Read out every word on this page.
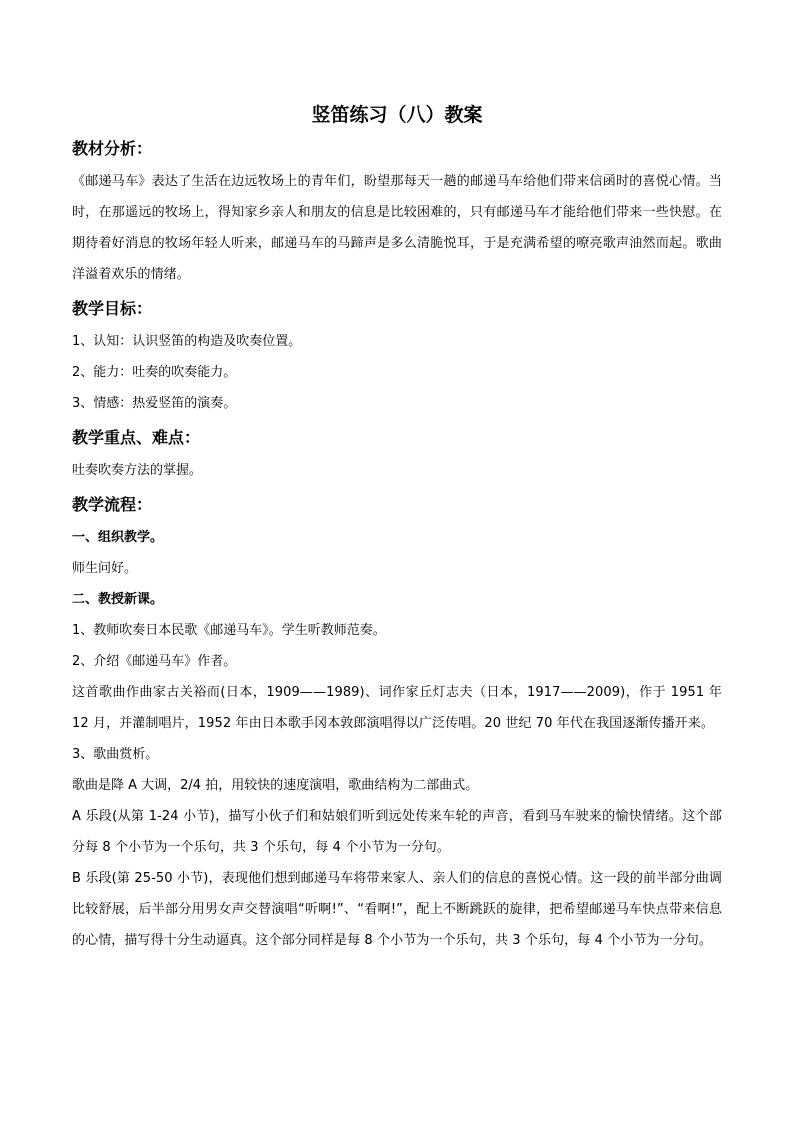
竖笛练习（八）教案
教材分析：

《邮递马车》表达了生活在边远牧场上的青年们，盼望那每天一趟的邮递马车给他们带来信函时的喜悦心情。当时，在那遥远的牧场上，得知家乡亲人和朋友的信息是比较困难的，只有邮递马车才能给他们带来一些快慰。在期待着好消息的牧场年轻人听来，邮递马车的马蹄声是多么清脆悦耳，于是充满希望的嘹亮歌声油然而起。歌曲洋溢着欢乐的情绪。

教学目标：

1、认知：认识竖笛的构造及吹奏位置。

2、能力：吐奏的吹奏能力。

3、情感：热爱竖笛的演奏。

教学重点、难点：

吐奏吹奏方法的掌握。

教学流程：

一、组织教学。

师生问好。

二、教授新课。

1、教师吹奏日本民歌《邮递马车》。学生听教师范奏。

2、介绍《邮递马车》作者。

这首歌曲作曲家古关裕而(日本，1909——1989)、词作家丘灯志夫（日本，1917——2009)，作于 1951 年 12 月，并灌制唱片，1952 年由日本歌手冈本敦郎演唱得以广泛传唱。20 世纪 70 年代在我国逐渐传播开来。

3、歌曲赏析。

歌曲是降 A 大调，2/4 拍，用较快的速度演唱，歌曲结构为二部曲式。

A 乐段(从第 1-24 小节)，描写小伙子们和姑娘们听到远处传来车轮的声音，看到马车驶来的愉快情绪。这个部分每 8 个小节为一个乐句，共 3 个乐句，每 4 个小节为一分句。

B 乐段(第 25-50 小节)，表现他们想到邮递马车将带来家人、亲人们的信息的喜悦心情。这一段的前半部分曲调比较舒展，后半部分用男女声交替演唱“听啊!”、“看啊!”，配上不断跳跃的旋律，把希望邮递马车快点带来信息的心情，描写得十分生动逼真。这个部分同样是每 8 个小节为一个乐句，共 3 个乐句，每 4 个小节为一分句。
